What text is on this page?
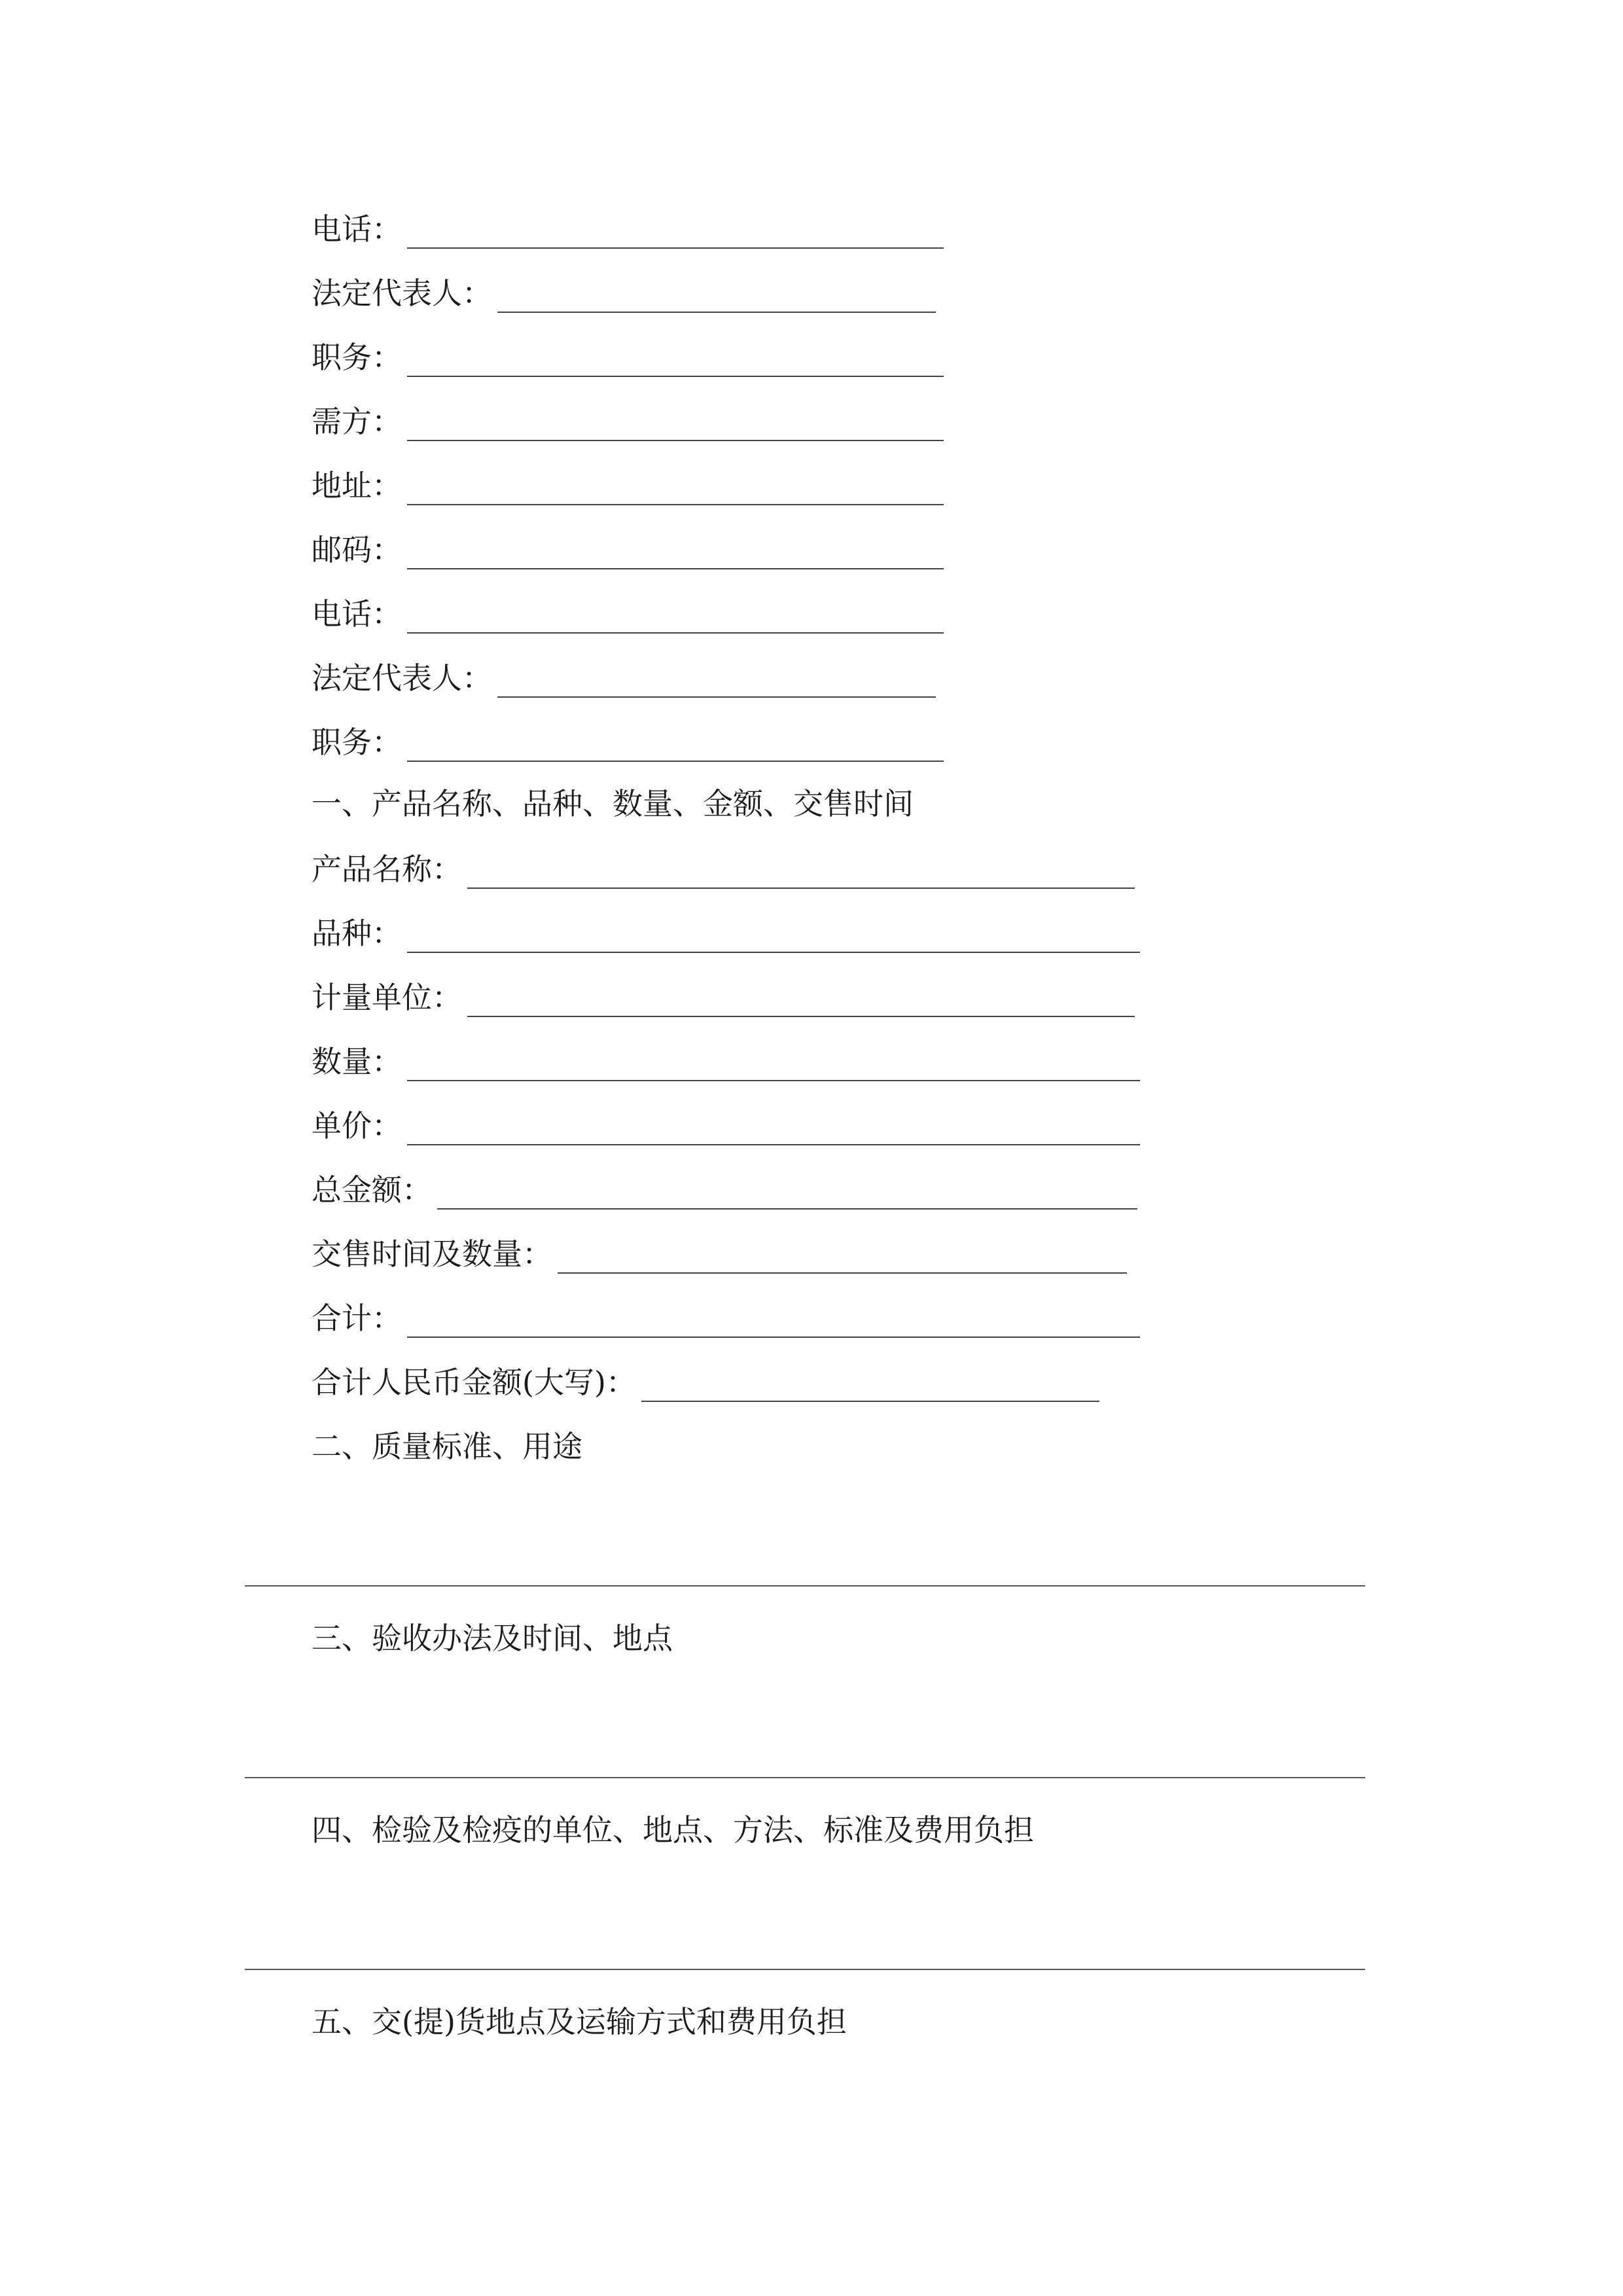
电话：
法定代表人：
职务：
需方：
地址：
邮码：
电话：
法定代表人：
职务：
一、产品名称、品种、数量、金额、交售时间
产品名称：
品种：
计量单位：
数量：
单价：
总金额：
交售时间及数量：
合计：
合计人民币金额(大写)：
二、质量标准、用途
三、验收办法及时间、地点
四、检验及检疫的单位、地点、方法、标准及费用负担
五、交(提)货地点及运输方式和费用负担
